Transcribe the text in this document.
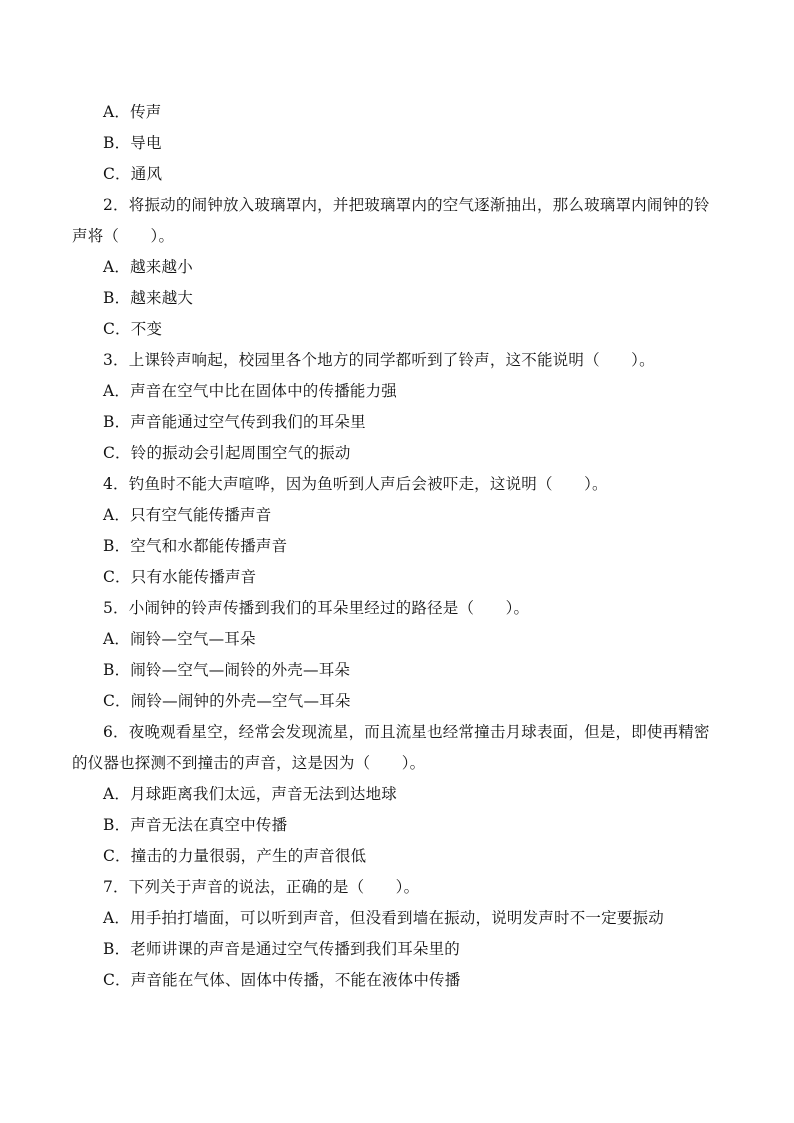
A．传声
B．导电
C．通风
2．将振动的闹钟放入玻璃罩内，并把玻璃罩内的空气逐渐抽出，那么玻璃罩内闹钟的铃
声将（　　）。
A．越来越小
B．越来越大
C．不变
3．上课铃声响起，校园里各个地方的同学都听到了铃声，这不能说明（　　）。
A．声音在空气中比在固体中的传播能力强
B．声音能通过空气传到我们的耳朵里
C．铃的振动会引起周围空气的振动
4．钓鱼时不能大声喧哗，因为鱼听到人声后会被吓走，这说明（　　）。
A．只有空气能传播声音
B．空气和水都能传播声音
C．只有水能传播声音
5．小闹钟的铃声传播到我们的耳朵里经过的路径是（　　）。
A．闹铃—空气—耳朵
B．闹铃—空气—闹铃的外壳—耳朵
C．闹铃—闹钟的外壳—空气—耳朵
6．夜晚观看星空，经常会发现流星，而且流星也经常撞击月球表面，但是，即使再精密
的仪器也探测不到撞击的声音，这是因为（　　）。
A．月球距离我们太远，声音无法到达地球
B．声音无法在真空中传播
C．撞击的力量很弱，产生的声音很低
7．下列关于声音的说法，正确的是（　　）。
A．用手拍打墙面，可以听到声音，但没看到墙在振动，说明发声时不一定要振动
B．老师讲课的声音是通过空气传播到我们耳朵里的
C．声音能在气体、固体中传播，不能在液体中传播
